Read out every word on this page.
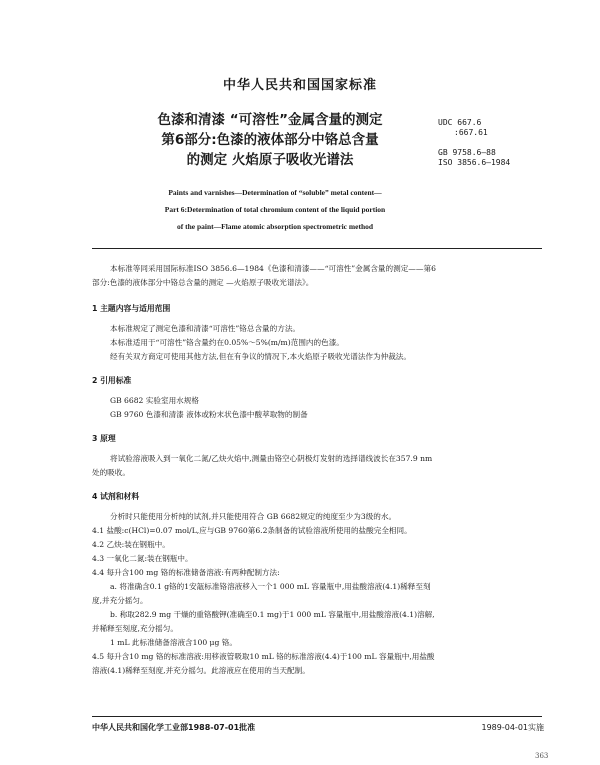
中华人民共和国国家标准
色漆和清漆 “可溶性”金属含量的测定
第6部分:色漆的液体部分中铬总含量
的测定 火焰原子吸收光谱法
UDC 667.6
:667.61
GB 9758.6—88
ISO 3856.6—1984
Paints and varnishes—Determination of “soluble” metal content—
Part 6:Determination of total chromium content of the liquid portion
of the paint—Flame atomic absorption spectrometric method

本标准等同采用国际标准ISO 3856.6—1984《色漆和清漆——“可溶性”金属含量的测定——第6

部分:色漆的液体部分中铬总含量的测定 —火焰原子吸收光谱法》。

1 主题内容与适用范围

本标准规定了测定色漆和清漆“可溶性”铬总含量的方法。

本标准适用于“可溶性”铬含量约在0.05%～5%(m/m)范围内的色漆。

经有关双方商定可使用其他方法,但在有争议的情况下,本火焰原子吸收光谱法作为仲裁法。

2 引用标准

GB 6682 实验室用水规格

GB 9760 色漆和清漆 液体或粉末状色漆中酸萃取物的制备

3 原理

将试验溶液吸入到一氧化二氮/乙炔火焰中,测量由铬空心阴极灯发射的选择谱线波长在357.9 nm

处的吸收。

4 试剂和材料

分析时只能使用分析纯的试剂,并只能使用符合 GB 6682规定的纯度至少为3级的水。

4.1 盐酸:c(HCl)=0.07 mol/L,应与GB 9760第6.2条制备的试验溶液所使用的盐酸完全相同。

4.2 乙炔:装在钢瓶中。

4.3 一氧化二氮:装在钢瓶中。

4.4 每升含100 mg 铬的标准储备溶液:有两种配制方法:

a. 将准确含0.1 g铬的1安瓿标准铬溶液移入一个1 000 mL 容量瓶中,用盐酸溶液(4.1)稀释至刻

度,并充分摇匀。

b. 称取282.9 mg 干燥的重铬酸钾(准确至0.1 mg)于1 000 mL 容量瓶中,用盐酸溶液(4.1)溶解,

并稀释至刻度,充分摇匀。

1 mL 此标准储备溶液含100 μg 铬。

4.5 每升含10 mg 铬的标准溶液:用移液管吸取10 mL 铬的标准溶液(4.4)于100 mL 容量瓶中,用盐酸

溶液(4.1)稀释至刻度,并充分摇匀。此溶液应在使用的当天配制。

中华人民共和国化学工业部1988-07-01批准	1989-04-01实施
363
